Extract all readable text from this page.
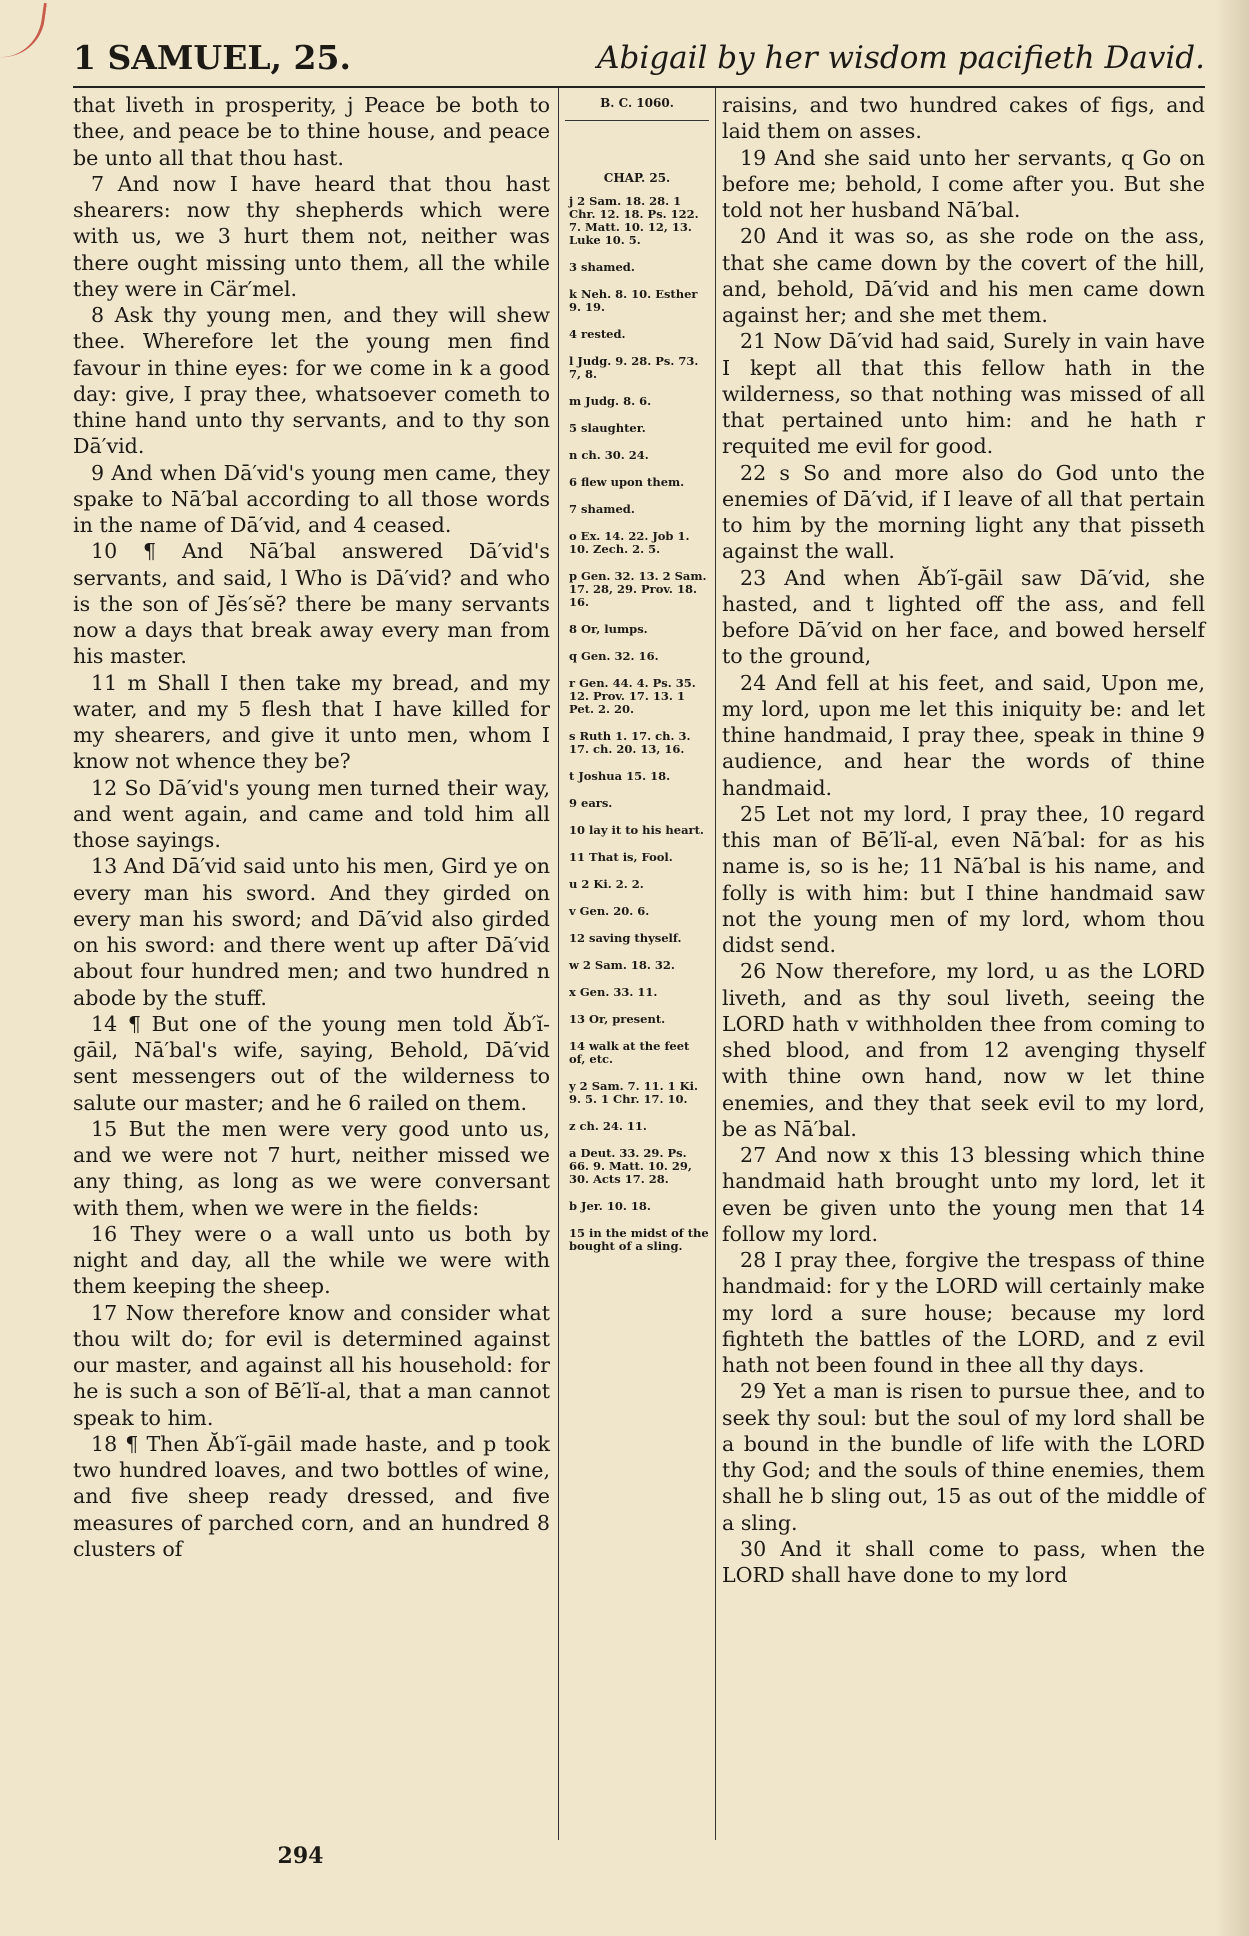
1 SAMUEL, 25.	Abigail by her wisdom pacifieth David.

that liveth in prosperity, j Peace be both to thee, and peace be to thine house, and peace be unto all that thou hast.

7 And now I have heard that thou hast shearers: now thy shepherds which were with us, we 3 hurt them not, neither was there ought missing unto them, all the while they were in Cär′mel.

8 Ask thy young men, and they will shew thee. Wherefore let the young men find favour in thine eyes: for we come in k a good day: give, I pray thee, whatsoever cometh to thine hand unto thy servants, and to thy son Dā′vid.

9 And when Dā′vid's young men came, they spake to Nā′bal according to all those words in the name of Dā′vid, and 4 ceased.

10 ¶ And Nā′bal answered Dā′vid's servants, and said, l Who is Dā′vid? and who is the son of Jĕs′sĕ? there be many servants now a days that break away every man from his master.

11 m Shall I then take my bread, and my water, and my 5 flesh that I have killed for my shearers, and give it unto men, whom I know not whence they be?

12 So Dā′vid's young men turned their way, and went again, and came and told him all those sayings.

13 And Dā′vid said unto his men, Gird ye on every man his sword. And they girded on every man his sword; and Dā′vid also girded on his sword: and there went up after Dā′vid about four hundred men; and two hundred n abode by the stuff.

14 ¶ But one of the young men told Ăb′ĭ-gāil, Nā′bal's wife, saying, Behold, Dā′vid sent messengers out of the wilderness to salute our master; and he 6 railed on them.

15 But the men were very good unto us, and we were not 7 hurt, neither missed we any thing, as long as we were conversant with them, when we were in the fields:

16 They were o a wall unto us both by night and day, all the while we were with them keeping the sheep.

17 Now therefore know and consider what thou wilt do; for evil is determined against our master, and against all his household: for he is such a son of Bē′lĭ-al, that a man cannot speak to him.

18 ¶ Then Ăb′ĭ-gāil made haste, and p took two hundred loaves, and two bottles of wine, and five sheep ready dressed, and five measures of parched corn, and an hundred 8 clusters of

B. C. 1060.
CHAP. 25.
j 2 Sam. 18. 28. 1 Chr. 12. 18. Ps. 122. 7. Matt. 10. 12, 13. Luke 10. 5.
3 shamed.
k Neh. 8. 10. Esther 9. 19.
4 rested.
l Judg. 9. 28. Ps. 73. 7, 8.
m Judg. 8. 6.
5 slaughter.
n ch. 30. 24.
6 flew upon them.
7 shamed.
o Ex. 14. 22. Job 1. 10. Zech. 2. 5.
p Gen. 32. 13. 2 Sam. 17. 28, 29. Prov. 18. 16.
8 Or, lumps.
q Gen. 32. 16.
r Gen. 44. 4. Ps. 35. 12. Prov. 17. 13. 1 Pet. 2. 20.
s Ruth 1. 17. ch. 3. 17. ch. 20. 13, 16.
t Joshua 15. 18.
9 ears.
10 lay it to his heart.
11 That is, Fool.
u 2 Ki. 2. 2.
v Gen. 20. 6.
12 saving thyself.
w 2 Sam. 18. 32.
x Gen. 33. 11.
13 Or, present.
14 walk at the feet of, etc.
y 2 Sam. 7. 11. 1 Ki. 9. 5. 1 Chr. 17. 10.
z ch. 24. 11.
a Deut. 33. 29. Ps. 66. 9. Matt. 10. 29, 30. Acts 17. 28.
b Jer. 10. 18.
15 in the midst of the bought of a sling.

raisins, and two hundred cakes of figs, and laid them on asses.

19 And she said unto her servants, q Go on before me; behold, I come after you. But she told not her husband Nā′bal.

20 And it was so, as she rode on the ass, that she came down by the covert of the hill, and, behold, Dā′vid and his men came down against her; and she met them.

21 Now Dā′vid had said, Surely in vain have I kept all that this fellow hath in the wilderness, so that nothing was missed of all that pertained unto him: and he hath r requited me evil for good.

22 s So and more also do God unto the enemies of Dā′vid, if I leave of all that pertain to him by the morning light any that pisseth against the wall.

23 And when Ăb′ĭ-gāil saw Dā′vid, she hasted, and t lighted off the ass, and fell before Dā′vid on her face, and bowed herself to the ground,

24 And fell at his feet, and said, Upon me, my lord, upon me let this iniquity be: and let thine handmaid, I pray thee, speak in thine 9 audience, and hear the words of thine handmaid.

25 Let not my lord, I pray thee, 10 regard this man of Bē′lĭ-al, even Nā′bal: for as his name is, so is he; 11 Nā′bal is his name, and folly is with him: but I thine handmaid saw not the young men of my lord, whom thou didst send.

26 Now therefore, my lord, u as the LORD liveth, and as thy soul liveth, seeing the LORD hath v withholden thee from coming to shed blood, and from 12 avenging thyself with thine own hand, now w let thine enemies, and they that seek evil to my lord, be as Nā′bal.

27 And now x this 13 blessing which thine handmaid hath brought unto my lord, let it even be given unto the young men that 14 follow my lord.

28 I pray thee, forgive the trespass of thine handmaid: for y the LORD will certainly make my lord a sure house; because my lord fighteth the battles of the LORD, and z evil hath not been found in thee all thy days.

29 Yet a man is risen to pursue thee, and to seek thy soul: but the soul of my lord shall be a bound in the bundle of life with the LORD thy God; and the souls of thine enemies, them shall he b sling out, 15 as out of the middle of a sling.

30 And it shall come to pass, when the LORD shall have done to my lord

294
